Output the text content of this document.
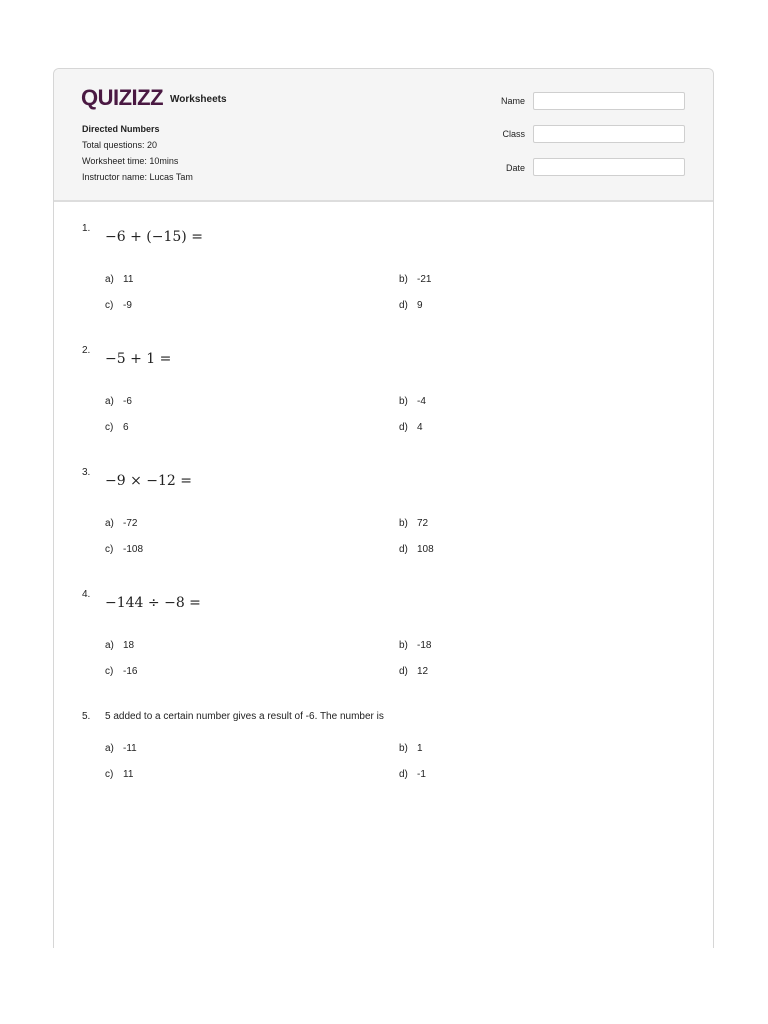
QUIZIZZ Worksheets
Directed Numbers
Total questions: 20
Worksheet time: 10mins
Instructor name: Lucas Tam
Name
Class
Date
1.
−6 + (−15) =
a) 11	b) -21
c) -9	d) 9
2.
−5 + 1 =
a) -6	b) -4
c) 6	d) 4
3.
−9 × −12 =
a) -72	b) 72
c) -108	d) 108
4.
−144 ÷ −8 =
a) 18	b) -18
c) -16	d) 12
5. 5 added to a certain number gives a result of -6. The number is
a) -11	b) 1
c) 11	d) -1
